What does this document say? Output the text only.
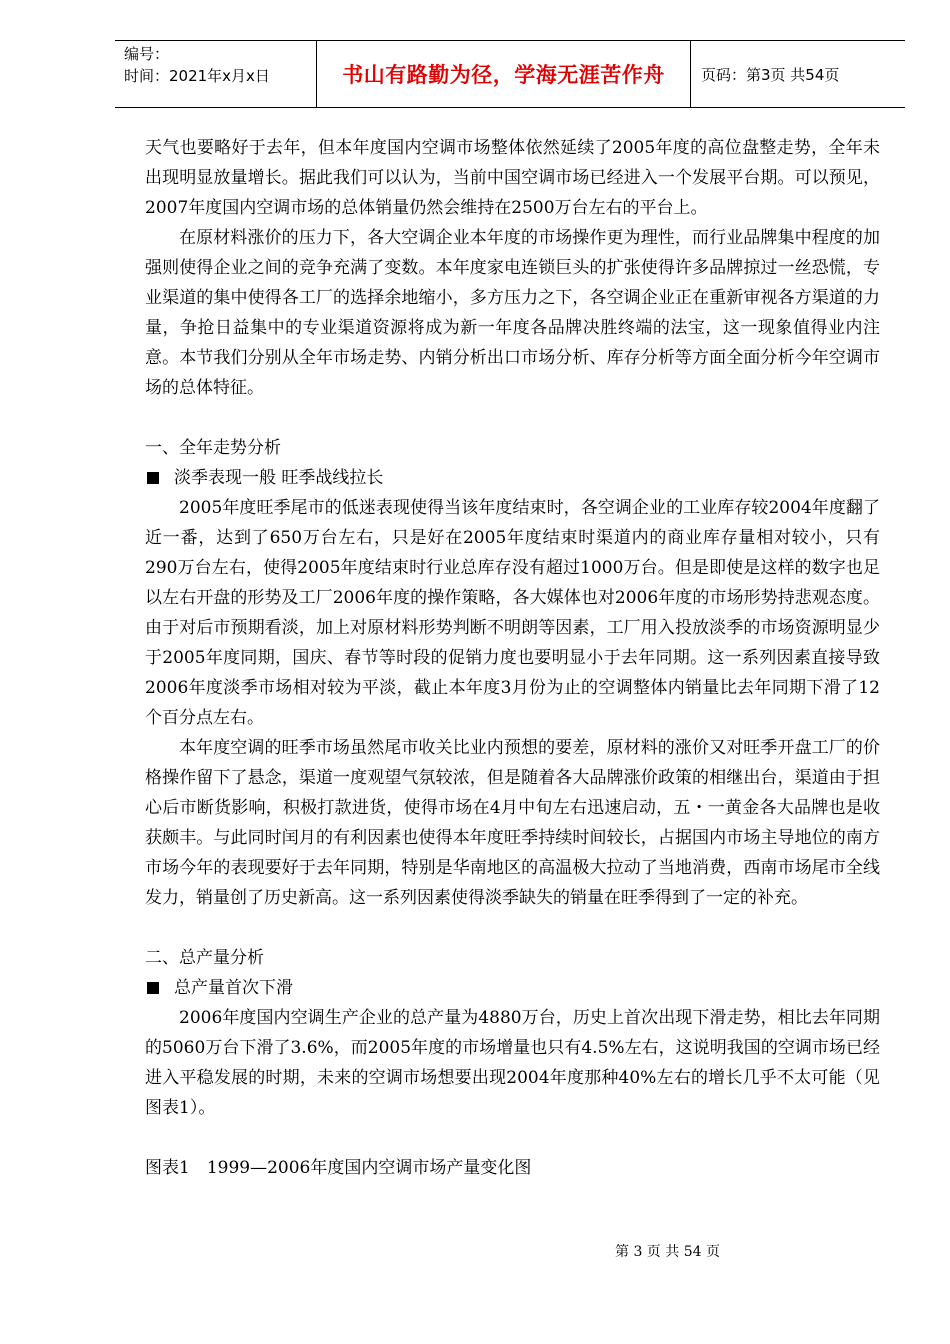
编号：
时间：2021年x月x日	书山有路勤为径，学海无涯苦作舟	页码：第3页 共54页

天气也要略好于去年，但本年度国内空调市场整体依然延续了2005年度的高位盘整走势，全年未出现明显放量增长。据此我们可以认为，当前中国空调市场已经进入一个发展平台期。可以预见，2007年度国内空调市场的总体销量仍然会维持在2500万台左右的平台上。

在原材料涨价的压力下，各大空调企业本年度的市场操作更为理性，而行业品牌集中程度的加强则使得企业之间的竞争充满了变数。本年度家电连锁巨头的扩张使得许多品牌掠过一丝恐慌，专业渠道的集中使得各工厂的选择余地缩小，多方压力之下，各空调企业正在重新审视各方渠道的力量，争抢日益集中的专业渠道资源将成为新一年度各品牌决胜终端的法宝，这一现象值得业内注意。本节我们分别从全年市场走势、内销分析出口市场分析、库存分析等方面全面分析今年空调市场的总体特征。

一、全年走势分析

淡季表现一般 旺季战线拉长

2005年度旺季尾市的低迷表现使得当该年度结束时，各空调企业的工业库存较2004年度翻了近一番，达到了650万台左右，只是好在2005年度结束时渠道内的商业库存量相对较小，只有290万台左右，使得2005年度结束时行业总库存没有超过1000万台。但是即使是这样的数字也足以左右开盘的形势及工厂2006年度的操作策略，各大媒体也对2006年度的市场形势持悲观态度。由于对后市预期看淡，加上对原材料形势判断不明朗等因素，工厂用入投放淡季的市场资源明显少于2005年度同期，国庆、春节等时段的促销力度也要明显小于去年同期。这一系列因素直接导致2006年度淡季市场相对较为平淡，截止本年度3月份为止的空调整体内销量比去年同期下滑了12个百分点左右。

本年度空调的旺季市场虽然尾市收关比业内预想的要差，原材料的涨价又对旺季开盘工厂的价格操作留下了悬念，渠道一度观望气氛较浓，但是随着各大品牌涨价政策的相继出台，渠道由于担心后市断货影响，积极打款进货，使得市场在4月中旬左右迅速启动，五・一黄金各大品牌也是收获颇丰。与此同时闰月的有利因素也使得本年度旺季持续时间较长，占据国内市场主导地位的南方市场今年的表现要好于去年同期，特别是华南地区的高温极大拉动了当地消费，西南市场尾市全线发力，销量创了历史新高。这一系列因素使得淡季缺失的销量在旺季得到了一定的补充。

二、总产量分析

总产量首次下滑

2006年度国内空调生产企业的总产量为4880万台，历史上首次出现下滑走势，相比去年同期的5060万台下滑了3.6%，而2005年度的市场增量也只有4.5%左右，这说明我国的空调市场已经进入平稳发展的时期，未来的空调市场想要出现2004年度那种40%左右的增长几乎不太可能（见图表1）。

图表1　1999—2006年度国内空调市场产量变化图

第 3 页 共 54 页
